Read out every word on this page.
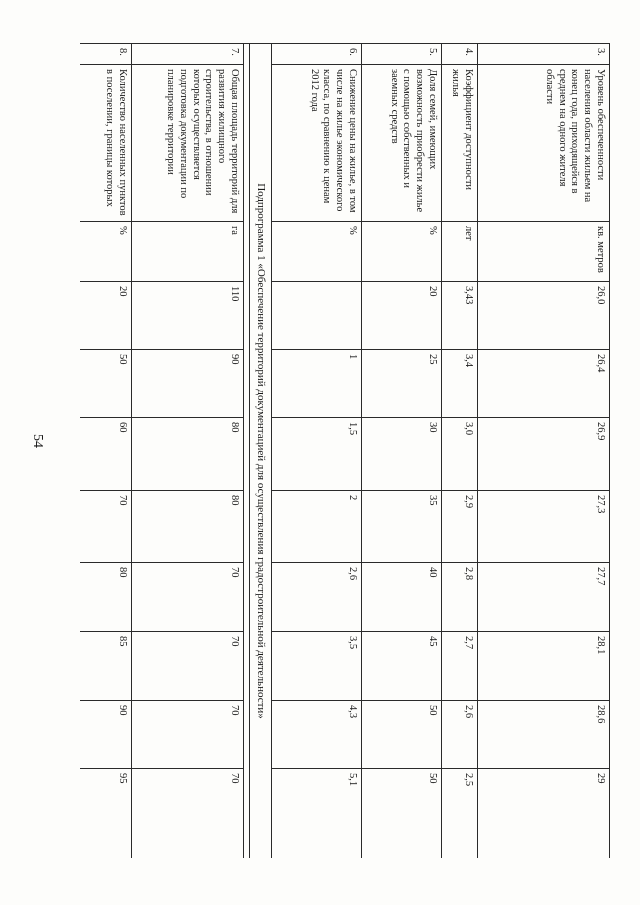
54
3.	Уровень обеспеченности населения области жильем на конец года, приходящейся в среднем на одного жителя области	кв. метров	26,0	26,4	26,9	27,3	27,7	28,1	28,6	29
4.	Коэффициент доступности жилья	лет	3,43	3,4	3,0	2,9	2,8	2,7	2,6	2,5
5.	Доля семей, имеющих возможность приобрести жилье с помощью собственных и заемных средств	%	20	25	30	35	40	45	50	50
6.	Снижение цены на жилье, в том числе на жилье экономического класса, по сравнению к ценам 2012 года	%		1	1,5	2	2,6	3,5	4,3	5,1
Подпрограмма 1 «Обеспечение территорий документацией для осуществления градостроительной деятельности»										

7.	Общая площадь территорий для развития жилищного строительства, в отношении которых осуществляется подготовка документации по планировке территории	га	110	90	80	80	70	70	70	70
8.	Количество населенных пунктов в поселении, границы которых	%	20	50	60	70	80	85	90	95
